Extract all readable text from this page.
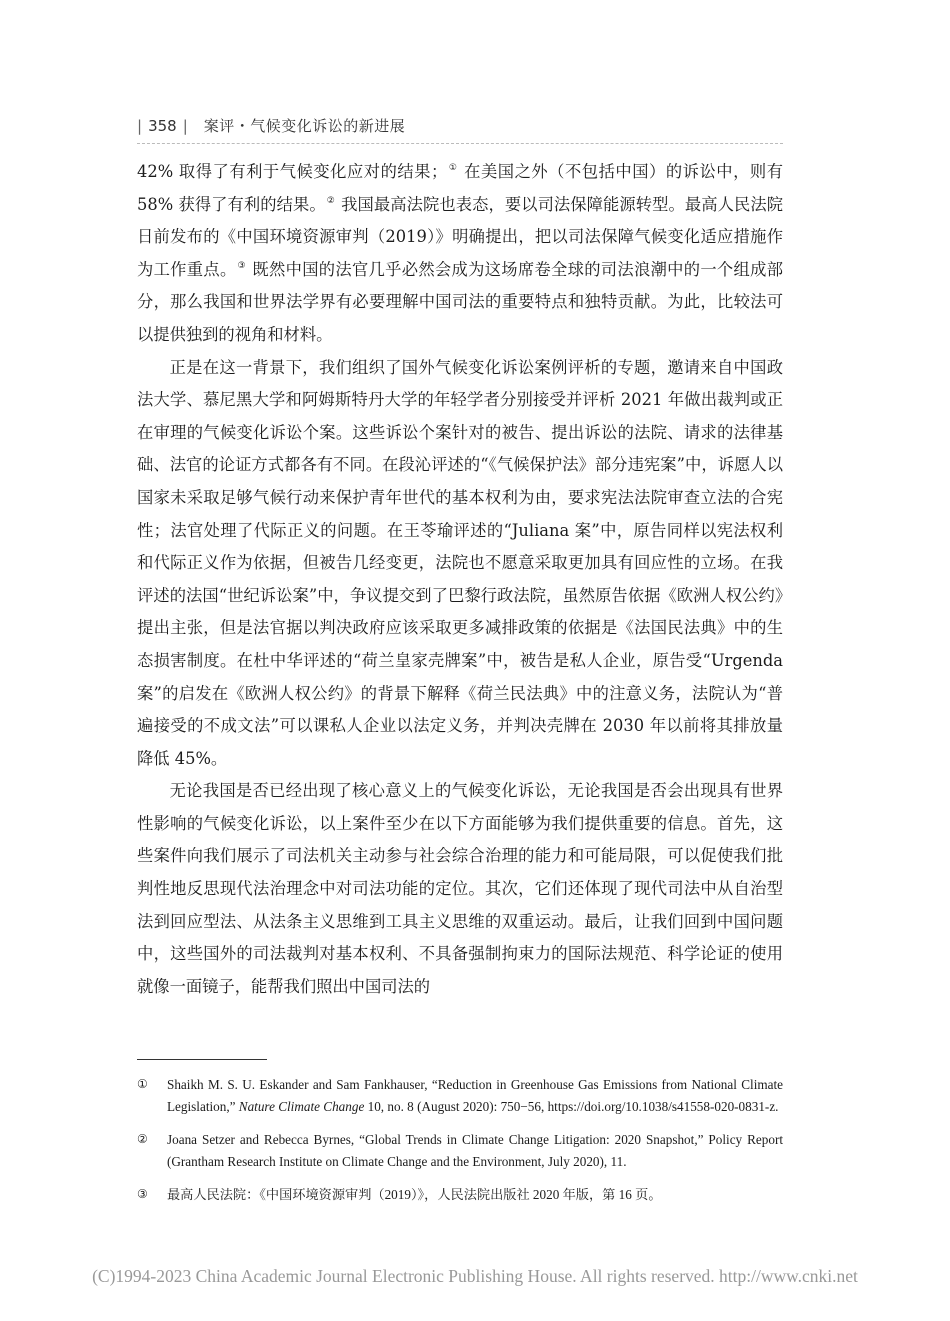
| 358 | 案评・气候变化诉讼的新进展

42% 取得了有利于气候变化应对的结果；① 在美国之外（不包括中国）的诉讼中，则有 58% 获得了有利的结果。② 我国最高法院也表态，要以司法保障能源转型。最高人民法院日前发布的《中国环境资源审判（2019）》明确提出，把以司法保障气候变化适应措施作为工作重点。③ 既然中国的法官几乎必然会成为这场席卷全球的司法浪潮中的一个组成部分，那么我国和世界法学界有必要理解中国司法的重要特点和独特贡献。为此，比较法可以提供独到的视角和材料。

正是在这一背景下，我们组织了国外气候变化诉讼案例评析的专题，邀请来自中国政法大学、慕尼黑大学和阿姆斯特丹大学的年轻学者分别接受并评析 2021 年做出裁判或正在审理的气候变化诉讼个案。这些诉讼个案针对的被告、提出诉讼的法院、请求的法律基础、法官的论证方式都各有不同。在段沁评述的“《气候保护法》部分违宪案”中，诉愿人以国家未采取足够气候行动来保护青年世代的基本权利为由，要求宪法法院审查立法的合宪性；法官处理了代际正义的问题。在王苓瑜评述的“Juliana 案”中，原告同样以宪法权利和代际正义作为依据，但被告几经变更，法院也不愿意采取更加具有回应性的立场。在我评述的法国“世纪诉讼案”中，争议提交到了巴黎行政法院，虽然原告依据《欧洲人权公约》提出主张，但是法官据以判决政府应该采取更多减排政策的依据是《法国民法典》中的生态损害制度。在杜中华评述的“荷兰皇家壳牌案”中，被告是私人企业，原告受“Urgenda 案”的启发在《欧洲人权公约》的背景下解释《荷兰民法典》中的注意义务，法院认为“普遍接受的不成文法”可以课私人企业以法定义务，并判决壳牌在 2030 年以前将其排放量降低 45%。

无论我国是否已经出现了核心意义上的气候变化诉讼，无论我国是否会出现具有世界性影响的气候变化诉讼，以上案件至少在以下方面能够为我们提供重要的信息。首先，这些案件向我们展示了司法机关主动参与社会综合治理的能力和可能局限，可以促使我们批判性地反思现代法治理念中对司法功能的定位。其次，它们还体现了现代司法中从自治型法到回应型法、从法条主义思维到工具主义思维的双重运动。最后，让我们回到中国问题中，这些国外的司法裁判对基本权利、不具备强制拘束力的国际法规范、科学论证的使用就像一面镜子，能帮我们照出中国司法的

① Shaikh M. S. U. Eskander and Sam Fankhauser, “Reduction in Greenhouse Gas Emissions from National Climate Legislation,” Nature Climate Change 10, no. 8 (August 2020): 750−56, https://doi.org/10.1038/s41558-020-0831-z.
② Joana Setzer and Rebecca Byrnes, “Global Trends in Climate Change Litigation: 2020 Snapshot,” Policy Report (Grantham Research Institute on Climate Change and the Environment, July 2020), 11.
③ 最高人民法院：《中国环境资源审判（2019）》，人民法院出版社 2020 年版，第 16 页。
(C)1994-2023 China Academic Journal Electronic Publishing House. All rights reserved. http://www.cnki.net
